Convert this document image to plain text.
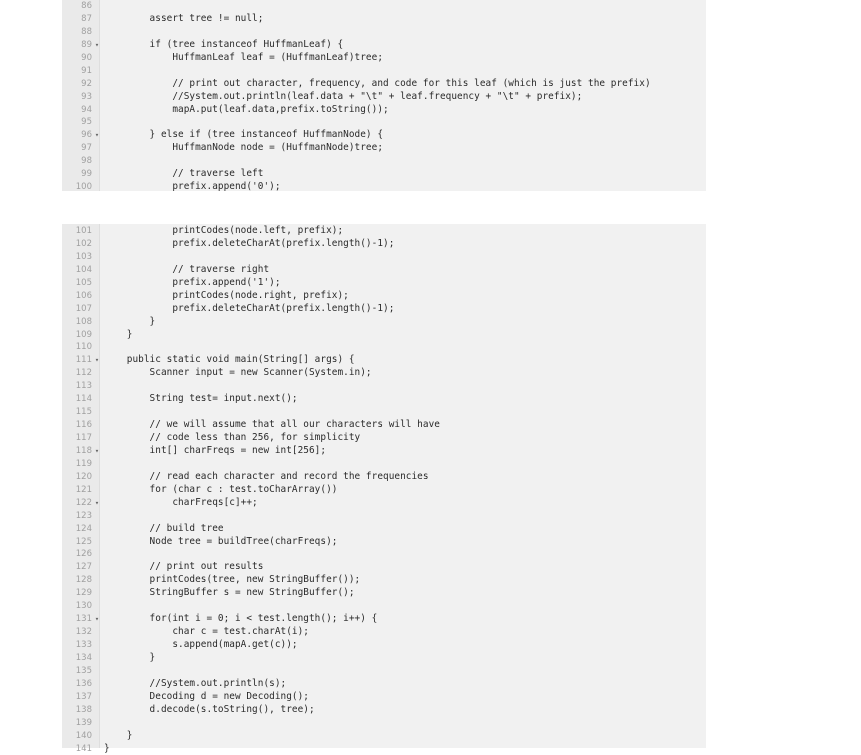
86
87 assert tree != null;
88
89 ▾ if (tree instanceof HuffmanLeaf) {
90 HuffmanLeaf leaf = (HuffmanLeaf)tree;
91
92 // print out character, frequency, and code for this leaf (which is just the prefix)
93 //System.out.println(leaf.data + "\t" + leaf.frequency + "\t" + prefix);
94 mapA.put(leaf.data,prefix.toString());
95
96 ▾ } else if (tree instanceof HuffmanNode) {
97 HuffmanNode node = (HuffmanNode)tree;
98
99 // traverse left
100 prefix.append('0');
101 printCodes(node.left, prefix);
102 prefix.deleteCharAt(prefix.length()-1);
103
104 // traverse right
105 prefix.append('1');
106 printCodes(node.right, prefix);
107 prefix.deleteCharAt(prefix.length()-1);
108 }
109 }
110
111 ▾ public static void main(String[] args) {
112 Scanner input = new Scanner(System.in);
113
114 String test= input.next();
115
116 // we will assume that all our characters will have
117 // code less than 256, for simplicity
118 ▾ int[] charFreqs = new int[256];
119
120 // read each character and record the frequencies
121 for (char c : test.toCharArray())
122 ▾ charFreqs[c]++;
123
124 // build tree
125 Node tree = buildTree(charFreqs);
126
127 // print out results
128 printCodes(tree, new StringBuffer());
129 StringBuffer s = new StringBuffer();
130
131 ▾ for(int i = 0; i < test.length(); i++) {
132 char c = test.charAt(i);
133 s.append(mapA.get(c));
134 }
135
136 //System.out.println(s);
137 Decoding d = new Decoding();
138 d.decode(s.toString(), tree);
139
140 }
141 }
